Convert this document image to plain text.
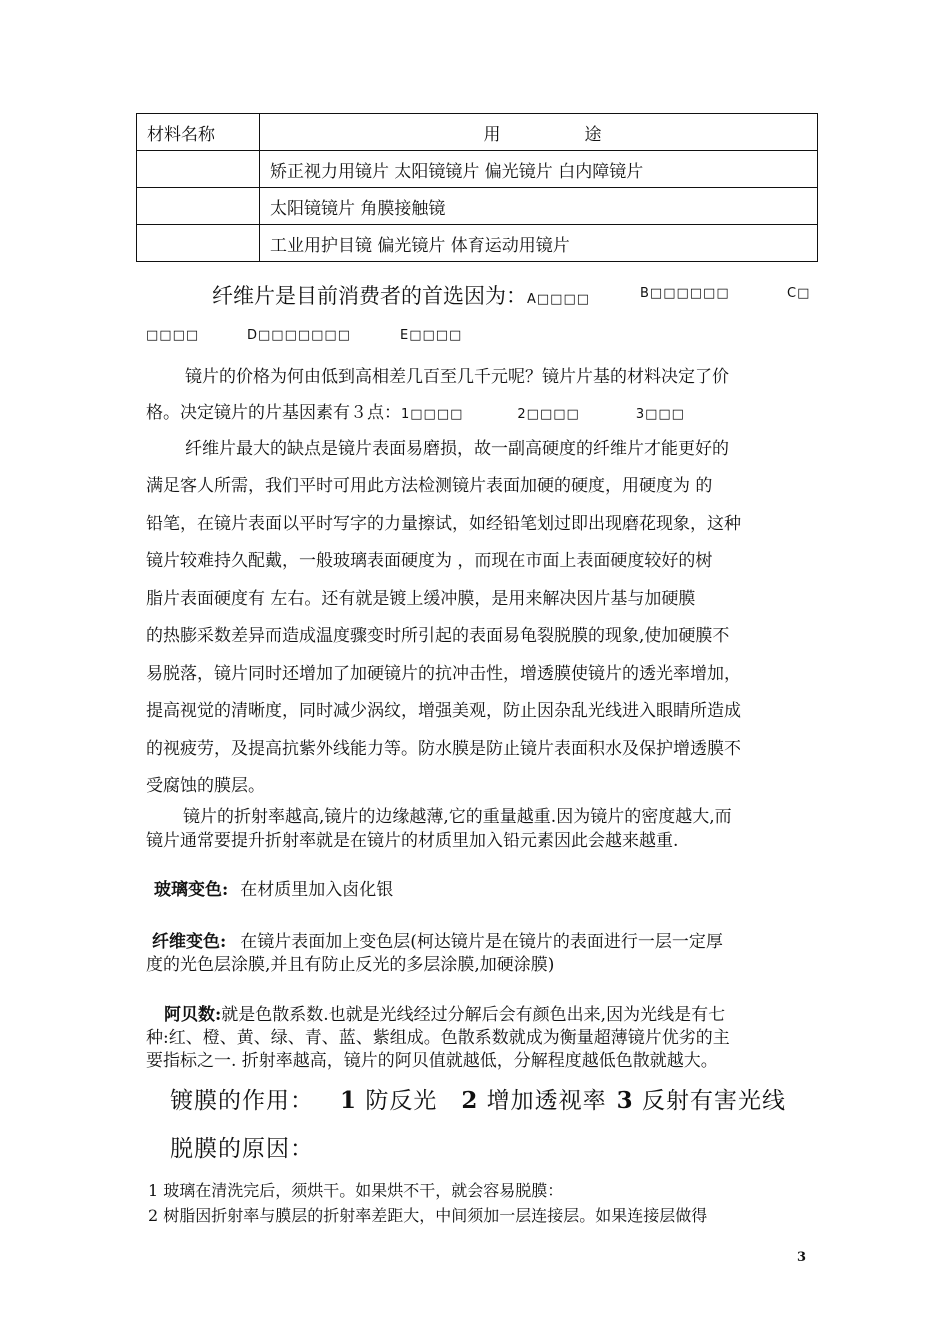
材料名称	用 途
	矫正视力用镜片 太阳镜镜片 偏光镜片 白内障镜片
	太阳镜镜片 角膜接触镜
	工业用护目镜 偏光镜片 体育运动用镜片
纤维片是目前消费者的首选因为：A□□□□	B□□□□□□	C□
□□□□	D□□□□□□□	E□□□□
镜片的价格为何由低到高相差几百至几千元呢？镜片片基的材料决定了价
格。决定镜片的片基因素有３点：1□□□□	2□□□□	3□□□
纤维片最大的缺点是镜片表面易磨损，故一副高硬度的纤维片才能更好的
满足客人所需，我们平时可用此方法检测镜片表面加硬的硬度，用硬度为 的
铅笔，在镜片表面以平时写字的力量擦试，如经铅笔划过即出现磨花现象，这种
镜片较难持久配戴，一般玻璃表面硬度为 ，而现在市面上表面硬度较好的树
脂片表面硬度有 左右。还有就是镀上缓冲膜，是用来解决因片基与加硬膜
的热膨采数差异而造成温度骤变时所引起的表面易龟裂脱膜的现象,使加硬膜不
易脱落，镜片同时还增加了加硬镜片的抗冲击性，增透膜使镜片的透光率增加，
提高视觉的清晰度，同时减少涡纹，增强美观，防止因杂乱光线进入眼睛所造成
的视疲劳，及提高抗紫外线能力等。防水膜是防止镜片表面积水及保护增透膜不
受腐蚀的膜层。
镜片的折射率越高,镜片的边缘越薄,它的重量越重.因为镜片的密度越大,而
镜片通常要提升折射率就是在镜片的材质里加入铅元素因此会越来越重.
玻璃变色: 在材质里加入卤化银
纤维变色: 在镜片表面加上变色层(柯达镜片是在镜片的表面进行一层一定厚
度的光色层涂膜,并且有防止反光的多层涂膜,加硬涂膜)
阿贝数:就是色散系数.也就是光线经过分解后会有颜色出来,因为光线是有七
种:红、橙、黄、绿、青、蓝、紫组成。色散系数就成为衡量超薄镜片优劣的主
要指标之一. 折射率越高，镜片的阿贝值就越低，分解程度越低色散就越大。
镀膜的作用： 1 防反光 2 增加透视率 3 反射有害光线
脱膜的原因：
1 玻璃在清洗完后，须烘干。如果烘不干，就会容易脱膜：
2 树脂因折射率与膜层的折射率差距大，中间须加一层连接层。如果连接层做得
3
